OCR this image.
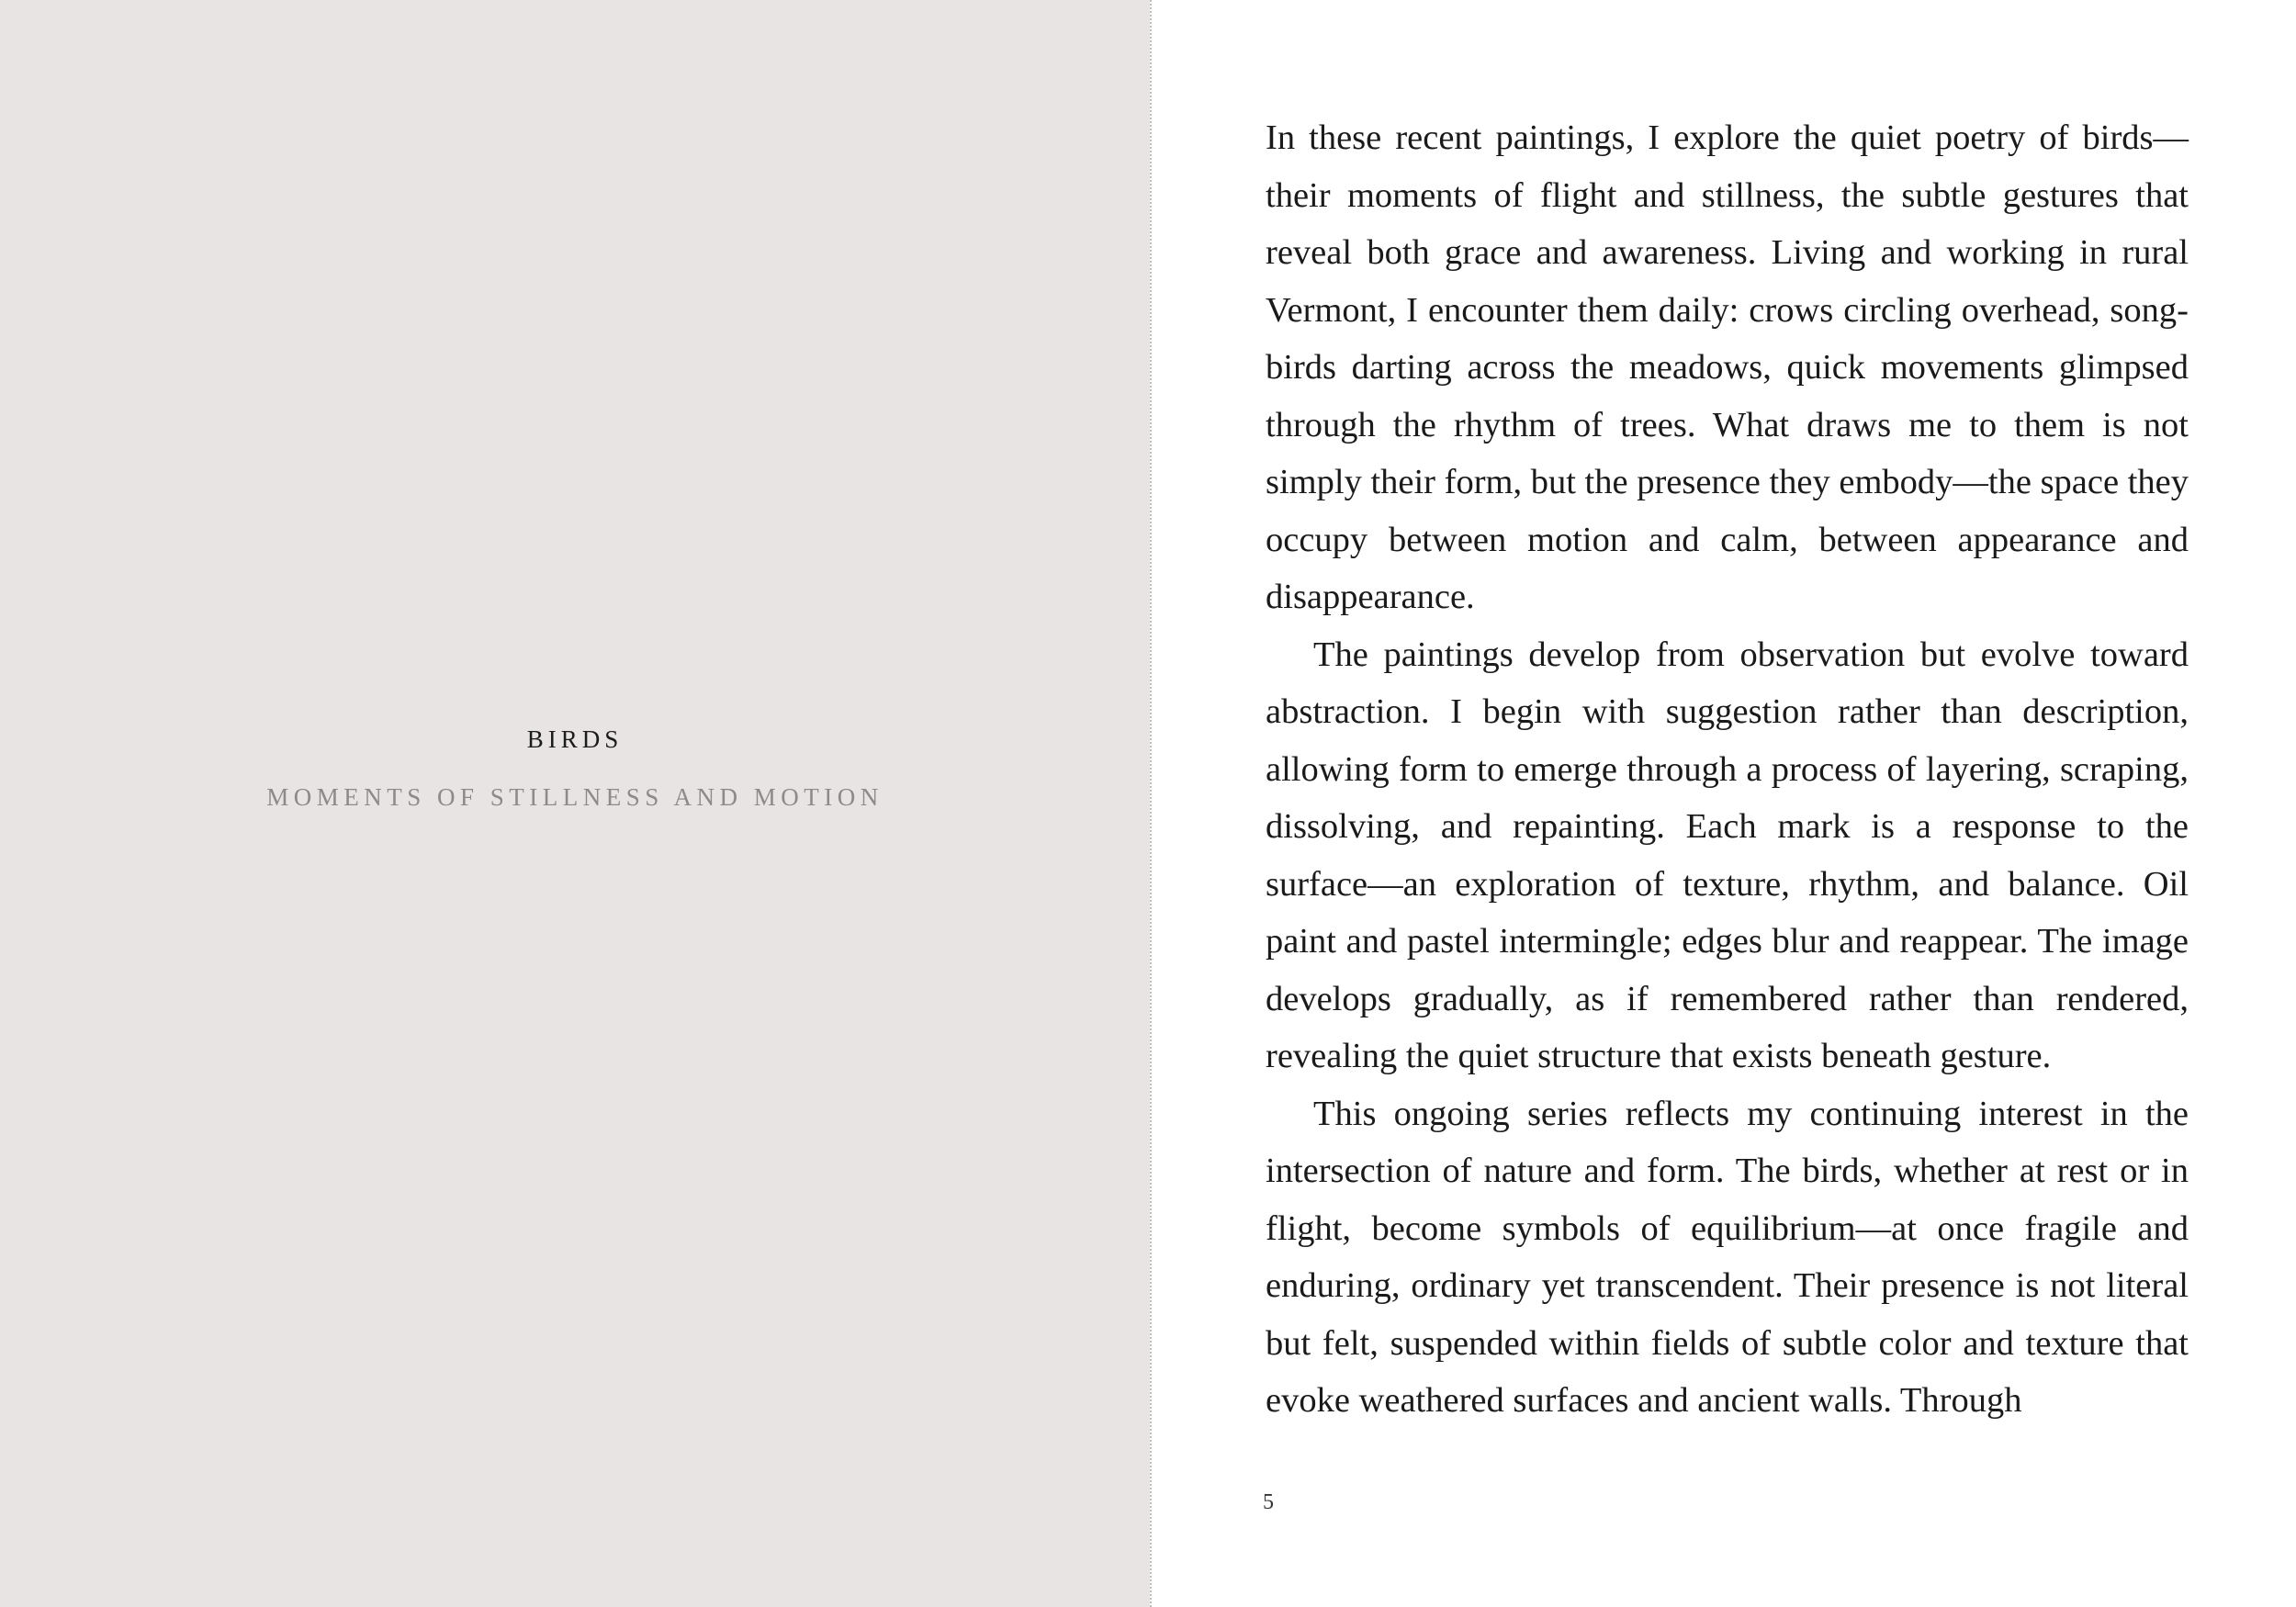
BIRDS
MOMENTS OF STILLNESS AND MOTION

In these recent paintings, I explore the quiet poetry of birds—their moments of flight and stillness, the subtle gestures that reveal both grace and awareness. Living and working in rural Vermont, I encounter them daily: crows circling overhead, songbirds darting across the meadows, quick movements glimpsed through the rhythm of trees. What draws me to them is not simply their form, but the presence they embody—the space they occupy between motion and calm, between appearance and disappearance.

The paintings develop from observation but evolve toward abstraction. I begin with suggestion rather than description, allowing form to emerge through a process of layering, scraping, dissolving, and repainting. Each mark is a response to the surface—an exploration of texture, rhythm, and balance. Oil paint and pastel intermingle; edges blur and reappear. The image develops gradually, as if remembered rather than rendered, revealing the quiet structure that exists beneath gesture.

This ongoing series reflects my continuing interest in the intersection of nature and form. The birds, whether at rest or in flight, become symbols of equilibrium—at once fragile and enduring, ordinary yet transcendent. Their presence is not literal but felt, suspended within fields of subtle color and texture that evoke weathered surfaces and ancient walls. Through

5
